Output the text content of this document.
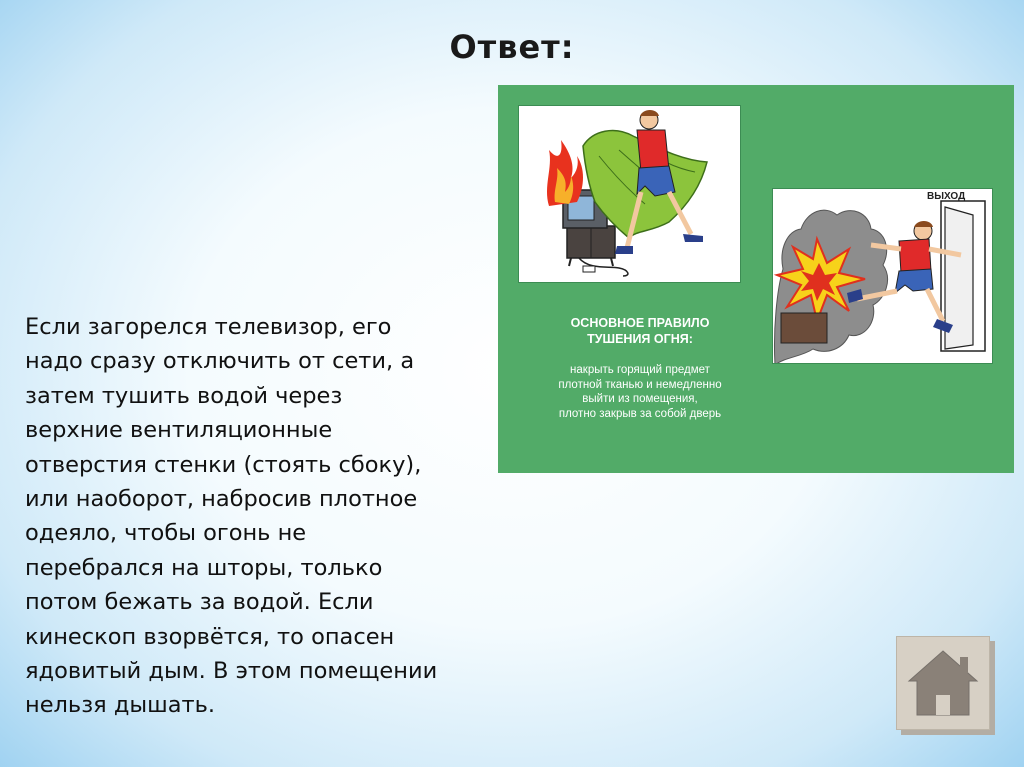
Ответ:
Если загорелся телевизор, его
надо сразу отключить от сети, а
затем тушить водой через
верхние вентиляционные
отверстия стенки (стоять сбоку),
или наоборот, набросив плотное
одеяло, чтобы огонь не
перебрался на шторы, только
потом бежать за водой. Если
кинескоп взорвётся, то опасен
ядовитый дым. В этом помещении
нельзя дышать.
ВЫХОД
ОСНОВНОЕ ПРАВИЛО
ТУШЕНИЯ ОГНЯ:
накрыть горящий предмет
плотной тканью и немедленно
выйти из помещения,
плотно закрыв за собой дверь
